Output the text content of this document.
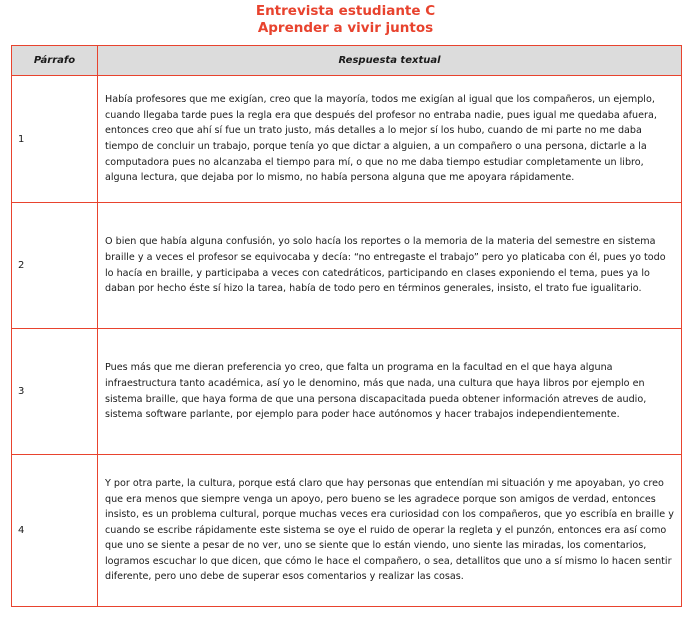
Entrevista estudiante C
Aprender a vivir juntos
Párrafo	Respuesta textual
1	Había profesores que me exigían, creo que la mayoría, todos me exigían al igual que los compañeros, un ejemplo, cuando llegaba tarde pues la regla era que después del profesor no entraba nadie, pues igual me quedaba afuera, entonces creo que ahí sí fue un trato justo, más detalles a lo mejor sí los hubo, cuando de mi parte no me daba tiempo de concluir un trabajo, porque tenía yo que dictar a alguien, a un compañero o una persona, dictarle a la computadora pues no alcanzaba el tiempo para mí, o que no me daba tiempo estudiar completamente un libro, alguna lectura, que dejaba por lo mismo, no había persona alguna que me apoyara rápidamente.
2	O bien que había alguna confusión, yo solo hacía los reportes o la memoria de la materia del semestre en sistema braille y a veces el profesor se equivocaba y decía: “no entregaste el trabajo” pero yo platicaba con él, pues yo todo lo hacía en braille, y participaba a veces con catedráticos, participando en clases exponiendo el tema, pues ya lo daban por hecho éste sí hizo la tarea, había de todo pero en términos generales, insisto, el trato fue igualitario.
3	Pues más que me dieran preferencia yo creo, que falta un programa en la facultad en el que haya alguna infraestructura tanto académica, así yo le denomino, más que nada, una cultura que haya libros por ejemplo en sistema braille, que haya forma de que una persona discapacitada pueda obtener información atreves de audio, sistema software parlante, por ejemplo para poder hace autónomos y hacer trabajos independientemente.
4	Y por otra parte, la cultura, porque está claro que hay personas que entendían mi situación y me apoyaban, yo creo que era menos que siempre venga un apoyo, pero bueno se les agradece porque son amigos de verdad, entonces insisto, es un problema cultural, porque muchas veces era curiosidad con los compañeros, que yo escribía en braille y cuando se escribe rápidamente este sistema se oye el ruido de operar la regleta y el punzón, entonces era así como que uno se siente a pesar de no ver, uno se siente que lo están viendo, uno siente las miradas, los comentarios, logramos escuchar lo que dicen, que cómo le hace el compañero, o sea, detallitos que uno a sí mismo lo hacen sentir diferente, pero uno debe de superar esos comentarios y realizar las cosas.
